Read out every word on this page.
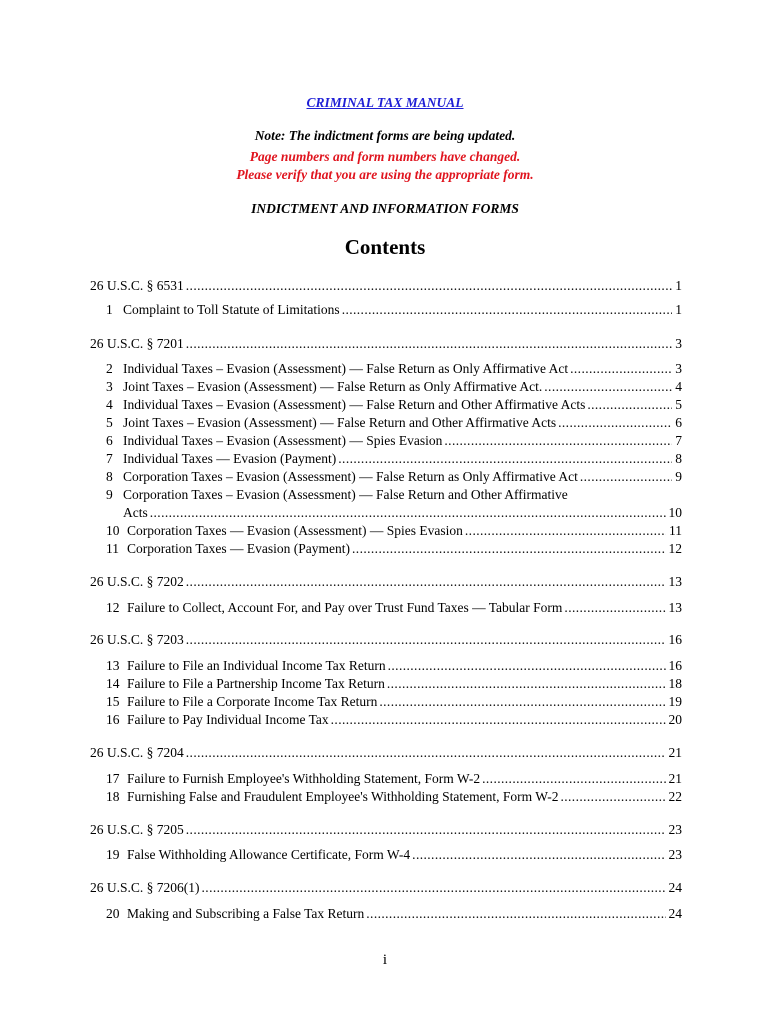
CRIMINAL TAX MANUAL
Note: The indictment forms are being updated.
Page numbers and form numbers have changed.
Please verify that you are using the appropriate form.
INDICTMENT AND INFORMATION FORMS
Contents
26 U.S.C. § 6531 .....	1
1 Complaint to Toll Statute of Limitations .....	1
26 U.S.C. § 7201 .....	3
2 Individual Taxes – Evasion (Assessment) — False Return as Only Affirmative Act .....	3
3 Joint Taxes – Evasion (Assessment) — False Return as Only Affirmative Act. .....	4
4 Individual Taxes – Evasion (Assessment) — False Return and Other Affirmative Acts .....	5
5 Joint Taxes – Evasion (Assessment) — False Return and Other Affirmative Acts .....	6
6 Individual Taxes – Evasion (Assessment) — Spies Evasion .....	7
7 Individual Taxes — Evasion (Payment) .....	8
8 Corporation Taxes – Evasion (Assessment) — False Return as Only Affirmative Act .....	9
9 Corporation Taxes – Evasion (Assessment) — False Return and Other Affirmative
Acts .....	10
10 Corporation Taxes — Evasion (Assessment) — Spies Evasion .....	11
11 Corporation Taxes — Evasion (Payment) .....	12
26 U.S.C. § 7202 .....	13
12 Failure to Collect, Account For, and Pay over Trust Fund Taxes — Tabular Form .....	13
26 U.S.C. § 7203 .....	16
13 Failure to File an Individual Income Tax Return .....	16
14 Failure to File a Partnership Income Tax Return .....	18
15 Failure to File a Corporate Income Tax Return .....	19
16 Failure to Pay Individual Income Tax .....	20
26 U.S.C. § 7204 .....	21
17 Failure to Furnish Employee's Withholding Statement, Form W-2 .....	21
18 Furnishing False and Fraudulent Employee's Withholding Statement, Form W-2 .....	22
26 U.S.C. § 7205 .....	23
19 False Withholding Allowance Certificate, Form W-4 .....	23
26 U.S.C. § 7206(1) .....	24
20 Making and Subscribing a False Tax Return .....	24
i
